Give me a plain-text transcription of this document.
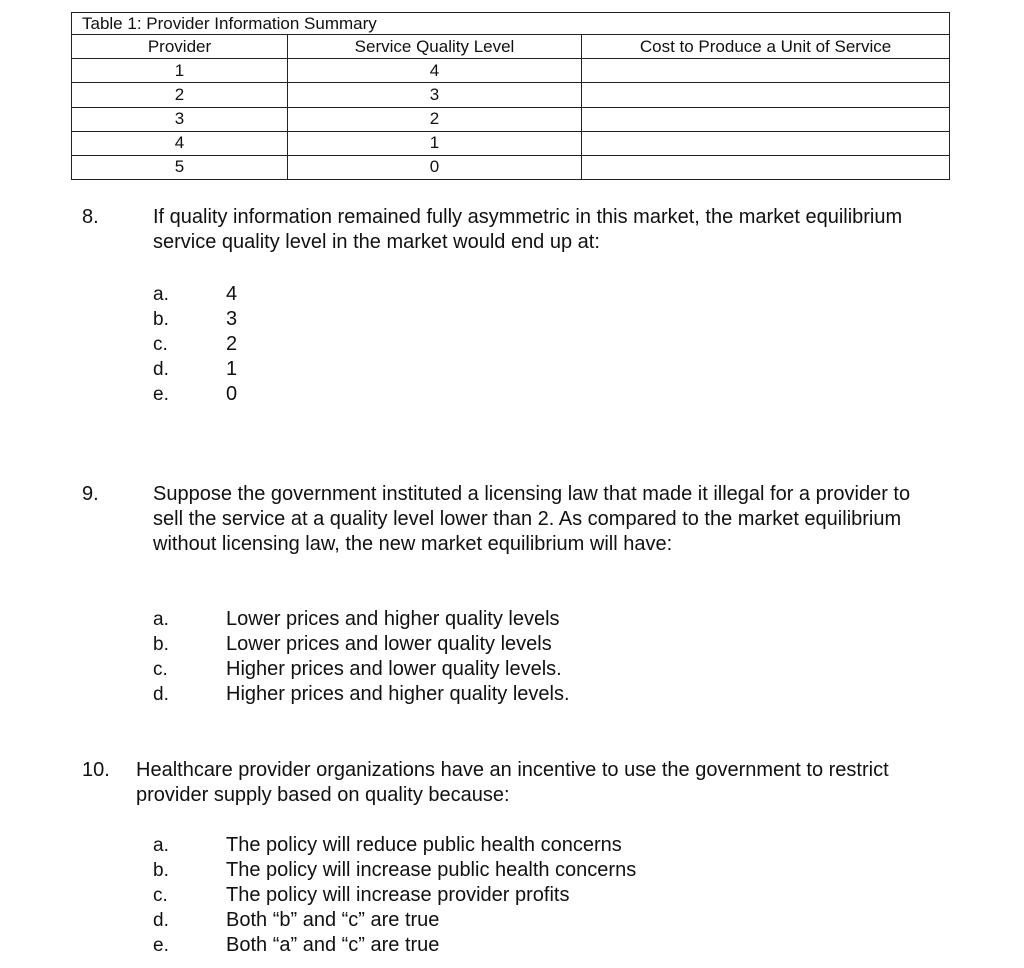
Table 1: Provider Information Summary		
Provider	Service Quality Level	Cost to Produce a Unit of Service
1	4	
2	3	
3	2	
4	1	
5	0	
8.	If quality information remained fully asymmetric in this market, the market equilibrium
service quality level in the market would end up at:
a.	4
b.	3
c.	2
d.	1
e.	0
9.	Suppose the government instituted a licensing law that made it illegal for a provider to
sell the service at a quality level lower than 2. As compared to the market equilibrium
without licensing law, the new market equilibrium will have:
a.	Lower prices and higher quality levels
b.	Lower prices and lower quality levels
c.	Higher prices and lower quality levels.
d.	Higher prices and higher quality levels.
10. Healthcare provider organizations have an incentive to use the government to restrict
provider supply based on quality because:
a.	The policy will reduce public health concerns
b.	The policy will increase public health concerns
c.	The policy will increase provider profits
d.	Both “b” and “c” are true
e.	Both “a” and “c” are true
